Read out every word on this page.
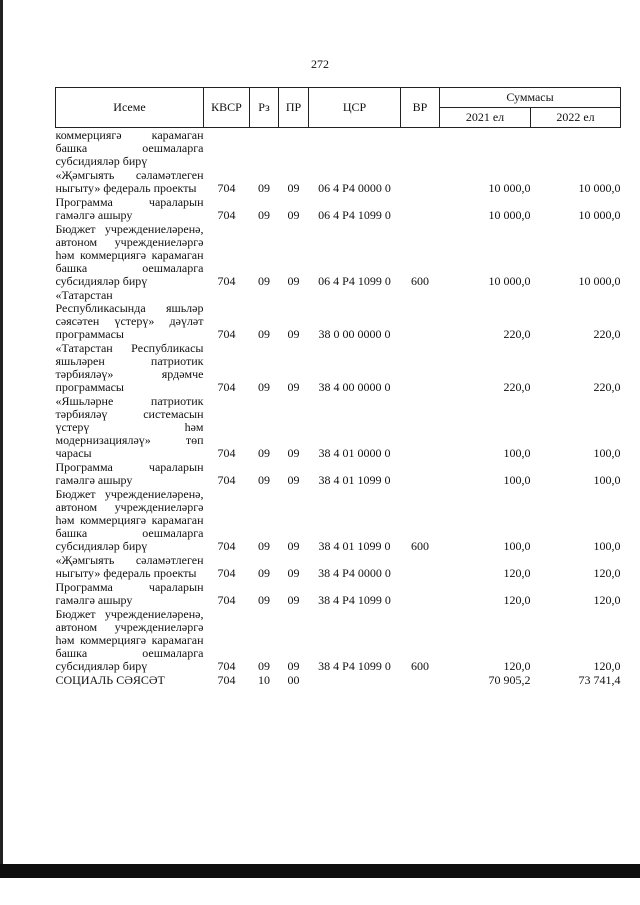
272
Исеме	КВСР	Рз	ПР	ЦСР	ВР	Суммасы	
						2021 ел	2022 ел
коммерциягә карамаган башка оешмаларга субсидияләр бирү							
«Җәмгыять сәламәтлеген ныгыту» федераль проекты	704	09	09	06 4 P4 0000 0		10 000,0	10 000,0
Программа чараларын гамәлгә ашыру	704	09	09	06 4 P4 1099 0		10 000,0	10 000,0
Бюджет учреждениеләренә, автоном учреждениеләргә һәм коммерциягә карамаган башка оешмаларга субсидияләр бирү	704	09	09	06 4 P4 1099 0	600	10 000,0	10 000,0
«Татарстан Республикасында яшьләр сәясәтен үстерү» дәүләт программасы	704	09	09	38 0 00 0000 0		220,0	220,0
«Татарстан Республикасы яшьләрен патриотик тәрбияләү» ярдәмче программасы	704	09	09	38 4 00 0000 0		220,0	220,0
«Яшьләрне патриотик тәрбияләү системасын үстерү һәм модернизацияләү» төп чарасы	704	09	09	38 4 01 0000 0		100,0	100,0
Программа чараларын гамәлгә ашыру	704	09	09	38 4 01 1099 0		100,0	100,0
Бюджет учреждениеләренә, автоном учреждениеләргә һәм коммерциягә карамаган башка оешмаларга субсидияләр бирү	704	09	09	38 4 01 1099 0	600	100,0	100,0
«Җәмгыять сәламәтлеген ныгыту» федераль проекты	704	09	09	38 4 P4 0000 0		120,0	120,0
Программа чараларын гамәлгә ашыру	704	09	09	38 4 P4 1099 0		120,0	120,0
Бюджет учреждениеләренә, автоном учреждениеләргә һәм коммерциягә карамаган башка оешмаларга субсидияләр бирү	704	09	09	38 4 P4 1099 0	600	120,0	120,0
СОЦИАЛЬ СӘЯСӘТ	704	10	00			70 905,2	73 741,4
